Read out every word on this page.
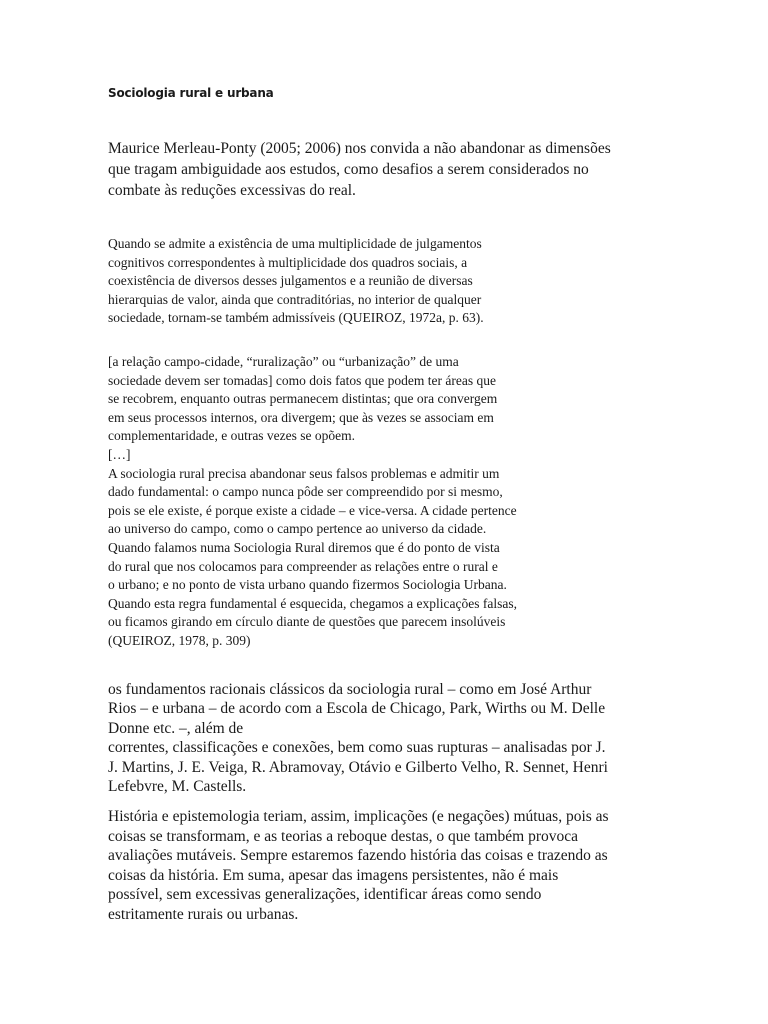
Sociologia rural e urbana
Maurice Merleau-Ponty (2005; 2006) nos convida a não abandonar as dimensões
que tragam ambiguidade aos estudos, como desafios a serem considerados no
combate às reduções excessivas do real.
Quando se admite a existência de uma multiplicidade de julgamentos
cognitivos correspondentes à multiplicidade dos quadros sociais, a
coexistência de diversos desses julgamentos e a reunião de diversas
hierarquias de valor, ainda que contraditórias, no interior de qualquer
sociedade, tornam-se também admissíveis (QUEIROZ, 1972a, p. 63).
[a relação campo-cidade, “ruralização” ou “urbanização” de uma
sociedade devem ser tomadas] como dois fatos que podem ter áreas que
se recobrem, enquanto outras permanecem distintas; que ora convergem
em seus processos internos, ora divergem; que às vezes se associam em
complementaridade, e outras vezes se opõem.
[…]
A sociologia rural precisa abandonar seus falsos problemas e admitir um
dado fundamental: o campo nunca pôde ser compreendido por si mesmo,
pois se ele existe, é porque existe a cidade – e vice-versa. A cidade pertence
ao universo do campo, como o campo pertence ao universo da cidade.
Quando falamos numa Sociologia Rural diremos que é do ponto de vista
do rural que nos colocamos para compreender as relações entre o rural e
o urbano; e no ponto de vista urbano quando fizermos Sociologia Urbana.
Quando esta regra fundamental é esquecida, chegamos a explicações falsas,
ou ficamos girando em círculo diante de questões que parecem insolúveis
(QUEIROZ, 1978, p. 309)
os fundamentos racionais clássicos da sociologia rural – como em José Arthur
Rios – e urbana – de acordo com a Escola de Chicago, Park, Wirths ou M. Delle
Donne etc. –, além de
correntes, classificações e conexões, bem como suas rupturas – analisadas por J.
J. Martins, J. E. Veiga, R. Abramovay, Otávio e Gilberto Velho, R. Sennet, Henri
Lefebvre, M. Castells.
História e epistemologia teriam, assim, implicações (e negações) mútuas, pois as
coisas se transformam, e as teorias a reboque destas, o que também provoca
avaliações mutáveis. Sempre estaremos fazendo história das coisas e trazendo as
coisas da história. Em suma, apesar das imagens persistentes, não é mais
possível, sem excessivas generalizações, identificar áreas como sendo
estritamente rurais ou urbanas.
